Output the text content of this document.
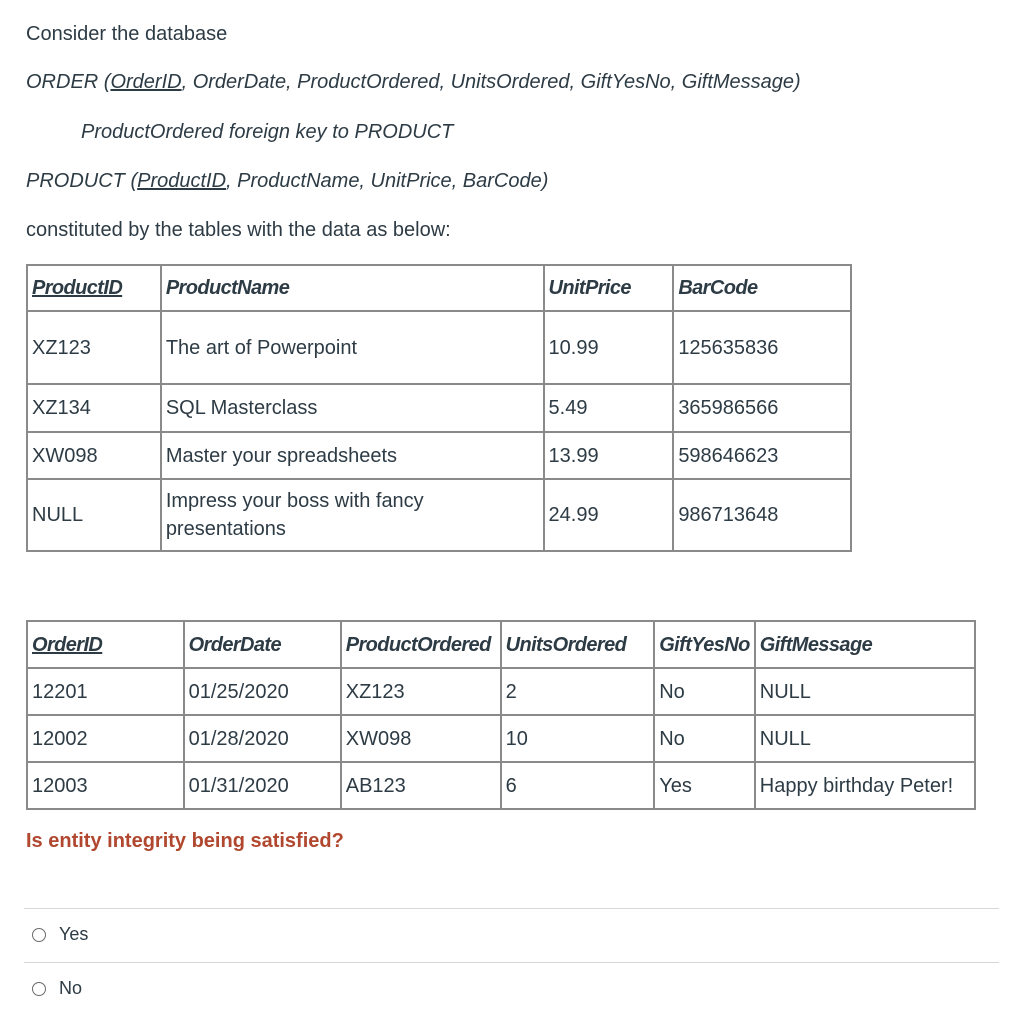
Consider the database
ORDER (OrderID, OrderDate, ProductOrdered, UnitsOrdered, GiftYesNo, GiftMessage)
ProductOrdered foreign key to PRODUCT
PRODUCT (ProductID, ProductName, UnitPrice, BarCode)
constituted by the tables with the data as below:
ProductID	ProductName	UnitPrice	BarCode
XZ123	The art of Powerpoint	10.99	125635836
XZ134	SQL Masterclass	5.49	365986566
XW098	Master your spreadsheets	13.99	598646623
NULL	Impress your boss with fancy presentations	24.99	986713648
OrderID	OrderDate	ProductOrdered	UnitsOrdered	GiftYesNo	GiftMessage
12201	01/25/2020	XZ123	2	No	NULL
12002	01/28/2020	XW098	10	No	NULL
12003	01/31/2020	AB123	6	Yes	Happy birthday Peter!
Is entity integrity being satisfied?
Yes
No
